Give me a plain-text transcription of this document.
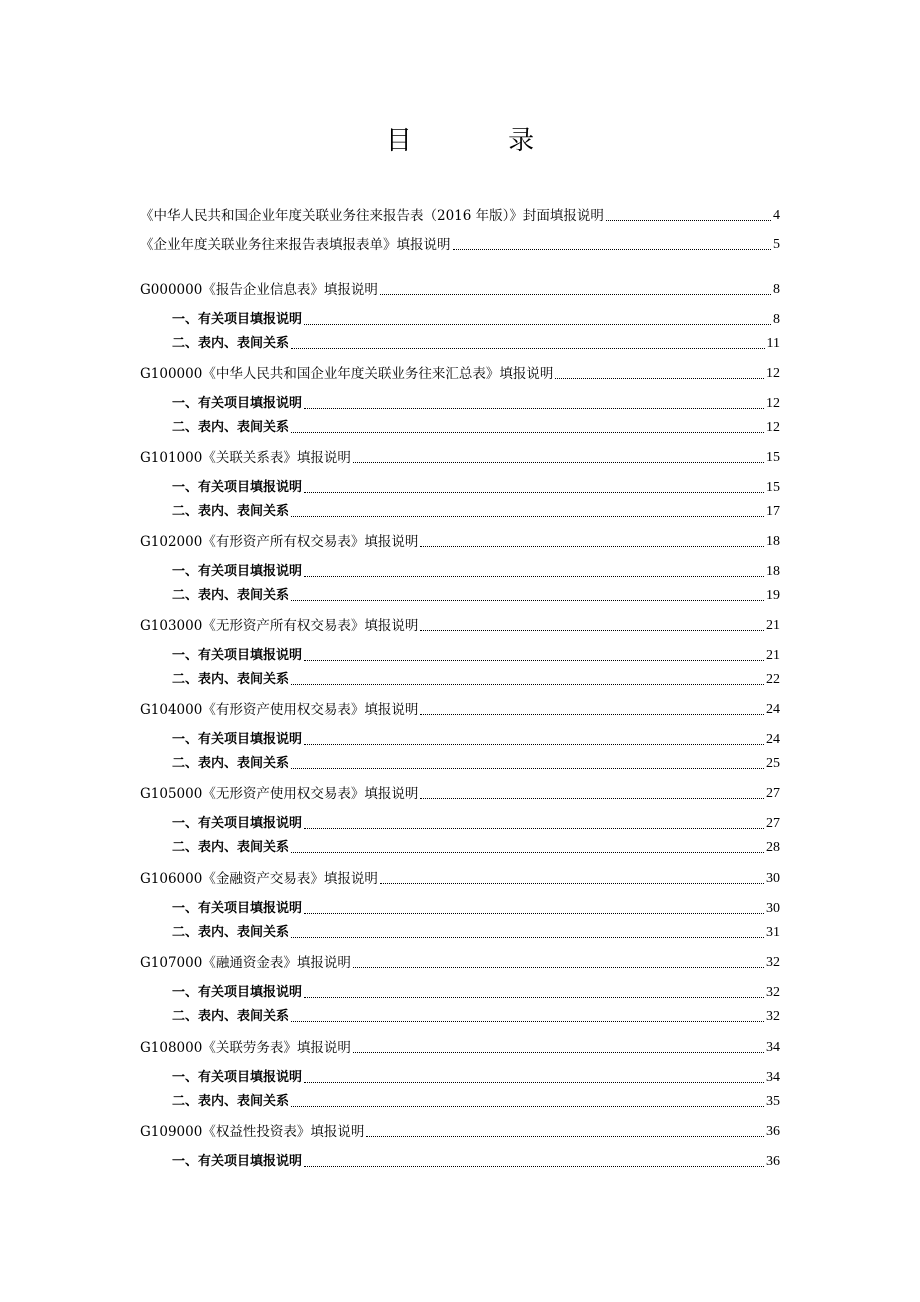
目 录
《中华人民共和国企业年度关联业务往来报告表（2016 年版）》封面填报说明	4
《企业年度关联业务往来报告表填报表单》填报说明	5
G000000《报告企业信息表》填报说明	8
一、有关项目填报说明	8
二、表内、表间关系	11
G100000《中华人民共和国企业年度关联业务往来汇总表》填报说明	12
一、有关项目填报说明	12
二、表内、表间关系	12
G101000《关联关系表》填报说明	15
一、有关项目填报说明	15
二、表内、表间关系	17
G102000《有形资产所有权交易表》填报说明	18
一、有关项目填报说明	18
二、表内、表间关系	19
G103000《无形资产所有权交易表》填报说明	21
一、有关项目填报说明	21
二、表内、表间关系	22
G104000《有形资产使用权交易表》填报说明	24
一、有关项目填报说明	24
二、表内、表间关系	25
G105000《无形资产使用权交易表》填报说明	27
一、有关项目填报说明	27
二、表内、表间关系	28
G106000《金融资产交易表》填报说明	30
一、有关项目填报说明	30
二、表内、表间关系	31
G107000《融通资金表》填报说明	32
一、有关项目填报说明	32
二、表内、表间关系	32
G108000《关联劳务表》填报说明	34
一、有关项目填报说明	34
二、表内、表间关系	35
G109000《权益性投资表》填报说明	36
一、有关项目填报说明	36
